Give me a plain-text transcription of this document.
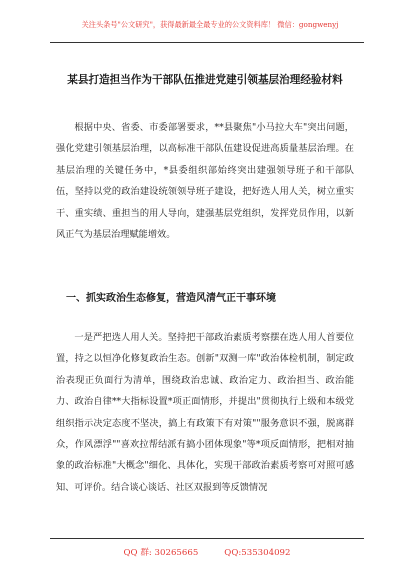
关注头条号"公文研究"，获得最新最全最专业的公文资料库！ 微信：gongwenyj
某县打造担当作为干部队伍推进党建引领基层治理经验材料

根据中央、省委、市委部署要求，**县聚焦"小马拉大车"突出问题，强化党建引领基层治理，以高标准干部队伍建设促进高质量基层治理。在基层治理的关键任务中，*县委组织部始终突出建强领导班子和干部队伍，坚持以党的政治建设统领领导班子建设，把好选人用人关，树立重实干、重实绩、重担当的用人导向，建强基层党组织，发挥党员作用，以新风正气为基层治理赋能增效。

一、抓实政治生态修复，营造风清气正干事环境

一是严把选人用人关。坚持把干部政治素质考察摆在选人用人首要位置，持之以恒净化修复政治生态。创新"双测一库"政治体检机制，制定政治表现正负面行为清单，围绕政治忠诚、政治定力、政治担当、政治能力、政治自律**大指标设置*项正面情形，并提出"贯彻执行上级和本级党组织指示决定态度不坚决，搞上有政策下有对策""服务意识不强，脱离群众，作风漂浮""喜欢拉帮结派有搞小团体现象"等*项反面情形，把相对抽象的政治标准"大概念"细化、具体化，实现干部政治素质考察可对照可感知、可评价。结合谈心谈话、社区双报到等反馈情况

QQ 群: 30265665	QQ:535304092
